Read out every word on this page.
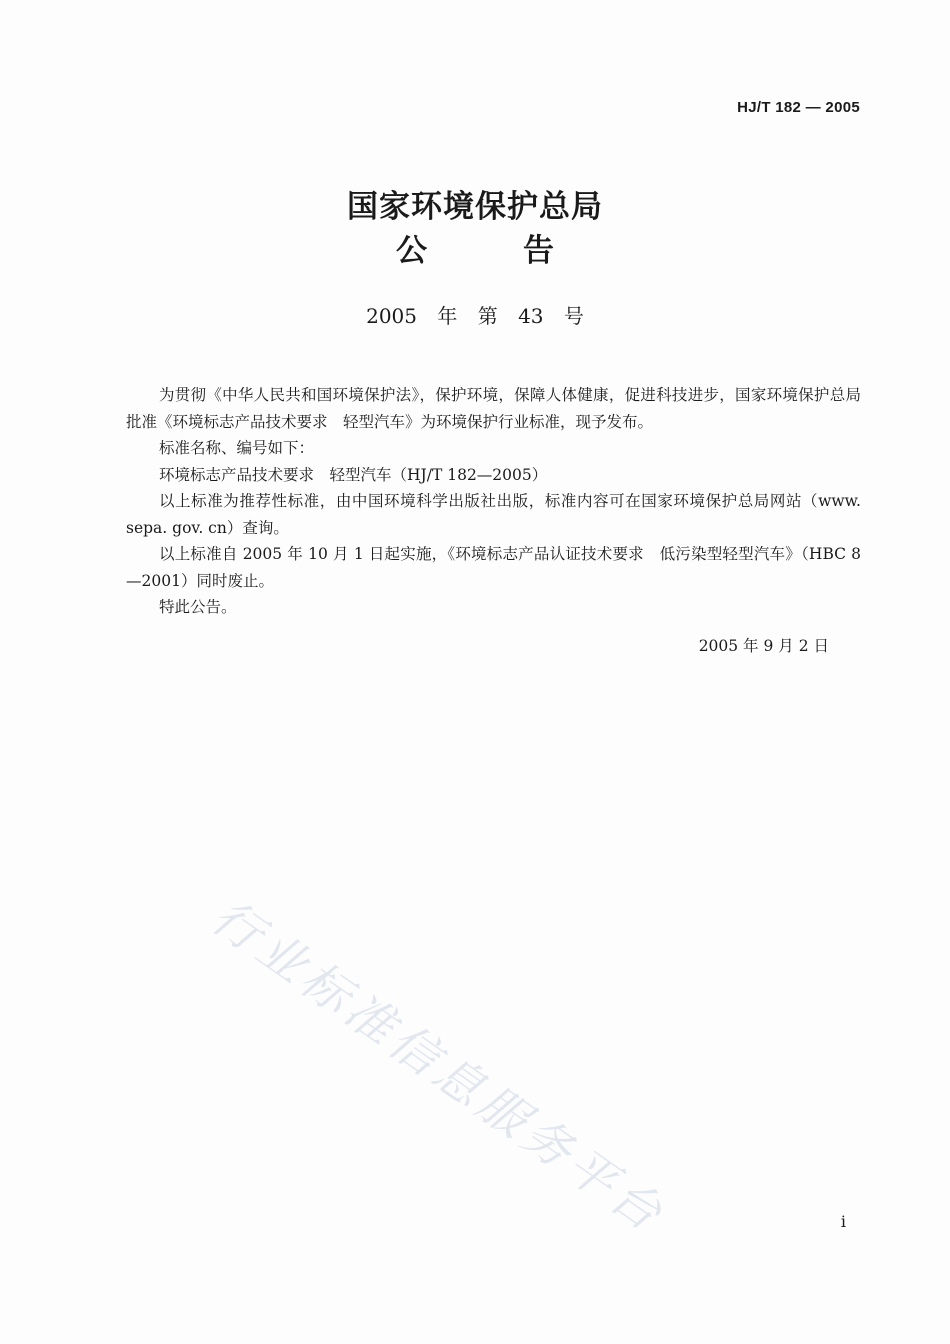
HJ/T 182 — 2005
国家环境保护总局
公告
2005 年 第 43 号

为贯彻《中华人民共和国环境保护法》，保护环境，保障人体健康，促进科技进步，国家环境保护总局批准《环境标志产品技术要求　轻型汽车》为环境保护行业标准，现予发布。

标准名称、编号如下：

环境标志产品技术要求　轻型汽车（HJ/T 182—2005）

以上标准为推荐性标准，由中国环境科学出版社出版，标准内容可在国家环境保护总局网站（www. sepa. gov. cn）查询。

以上标准自 2005 年 10 月 1 日起实施，《环境标志产品认证技术要求　低污染型轻型汽车》（HBC 8—2001）同时废止。

特此公告。

2005 年 9 月 2 日
行业标准信息服务平台	i
